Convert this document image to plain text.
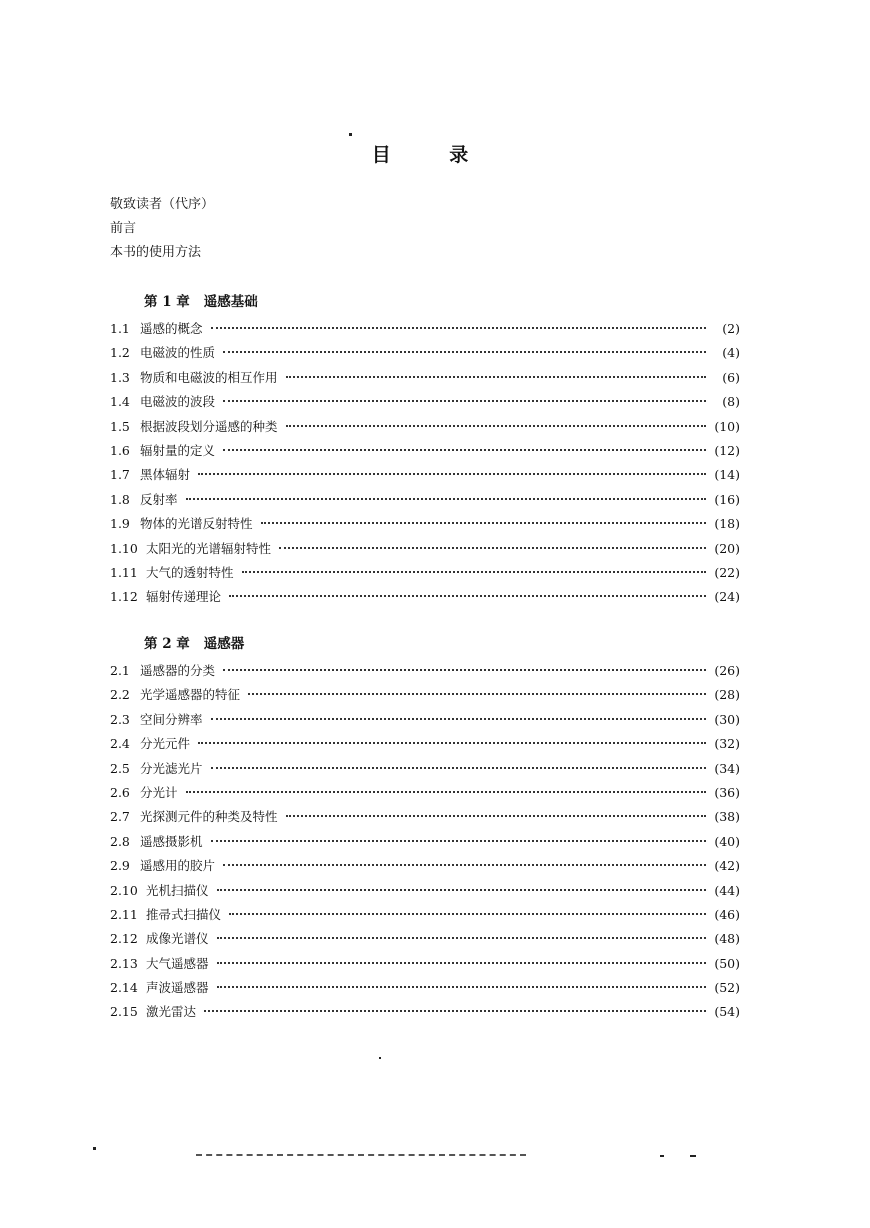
目 录
敬致读者（代序）
前言
本书的使用方法
第 1 章 遥感基础
1.1 遥感的概念	(2)
1.2 电磁波的性质	(4)
1.3 物质和电磁波的相互作用	(6)
1.4 电磁波的波段	(8)
1.5 根据波段划分遥感的种类	(10)
1.6 辐射量的定义	(12)
1.7 黑体辐射	(14)
1.8 反射率	(16)
1.9 物体的光谱反射特性	(18)
1.10 太阳光的光谱辐射特性	(20)
1.11 大气的透射特性	(22)
1.12 辐射传递理论	(24)
第 2 章 遥感器
2.1 遥感器的分类	(26)
2.2 光学遥感器的特征	(28)
2.3 空间分辨率	(30)
2.4 分光元件	(32)
2.5 分光滤光片	(34)
2.6 分光计	(36)
2.7 光探测元件的种类及特性	(38)
2.8 遥感摄影机	(40)
2.9 遥感用的胶片	(42)
2.10 光机扫描仪	(44)
2.11 推帚式扫描仪	(46)
2.12 成像光谱仪	(48)
2.13 大气遥感器	(50)
2.14 声波遥感器	(52)
2.15 激光雷达	(54)
